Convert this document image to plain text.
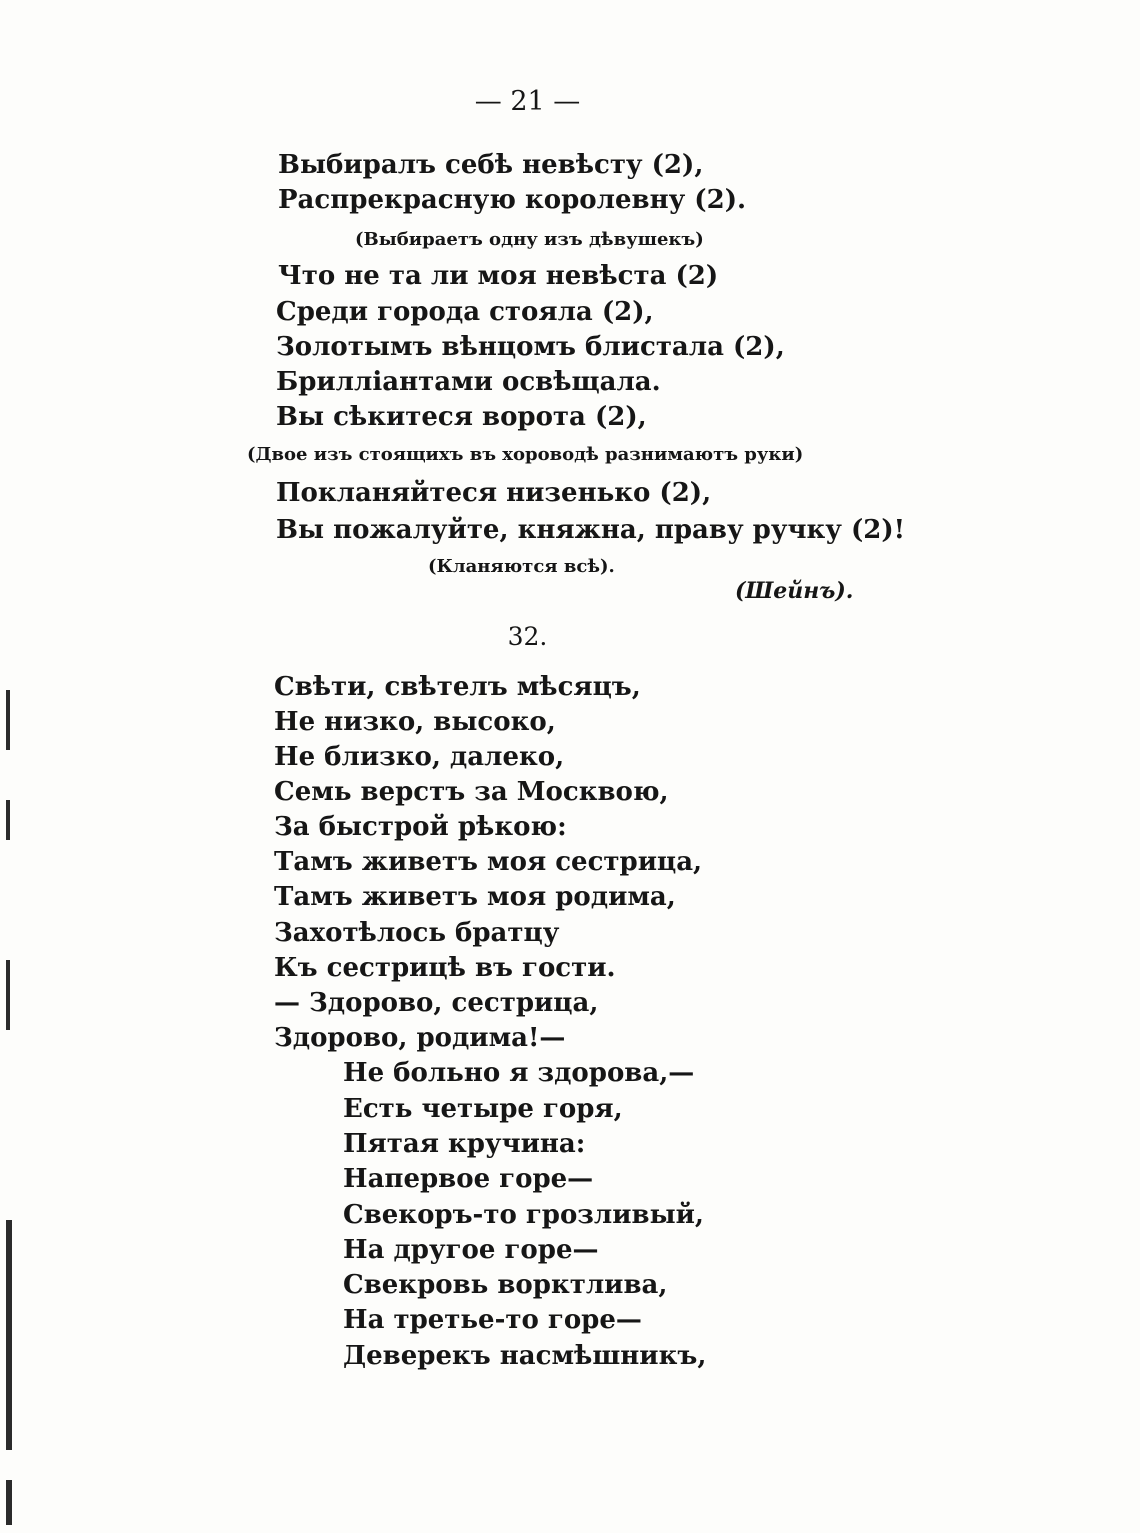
— 21 —
Выбиралъ себѣ невѣсту (2),
Распрекрасную королевну (2).
(Выбираетъ одну изъ дѣвушекъ)
Что не та ли моя невѣста (2)
Среди города стояла (2),
Золотымъ вѣнцомъ блистала (2),
Брилліантами освѣщала.
Вы сѣкитеся ворота (2),
(Двое изъ стоящихъ въ хороводѣ разнимаютъ руки)
Покланяйтеся низенько (2),
Вы пожалуйте, княжна, праву ручку (2)!
(Кланяются всѣ).
(Шейнъ).
32.
Свѣти, свѣтелъ мѣсяцъ,
Не низко, высоко,
Не близко, далеко,
Семь верстъ за Москвою,
За быстрой рѣкою:
Тамъ живетъ моя сестрица,
Тамъ живетъ моя родима,
Захотѣлось братцу
Къ сестрицѣ въ гости.
— Здорово, сестрица,
Здорово, родима!—
Не больно я здорова,—
Есть четыре горя,
Пятая кручина:
Напервое горе—
Свекоръ-то грозливый,
На другое горе—
Свекровь ворктлива,
На третье-то горе—
Деверекъ насмѣшникъ,
